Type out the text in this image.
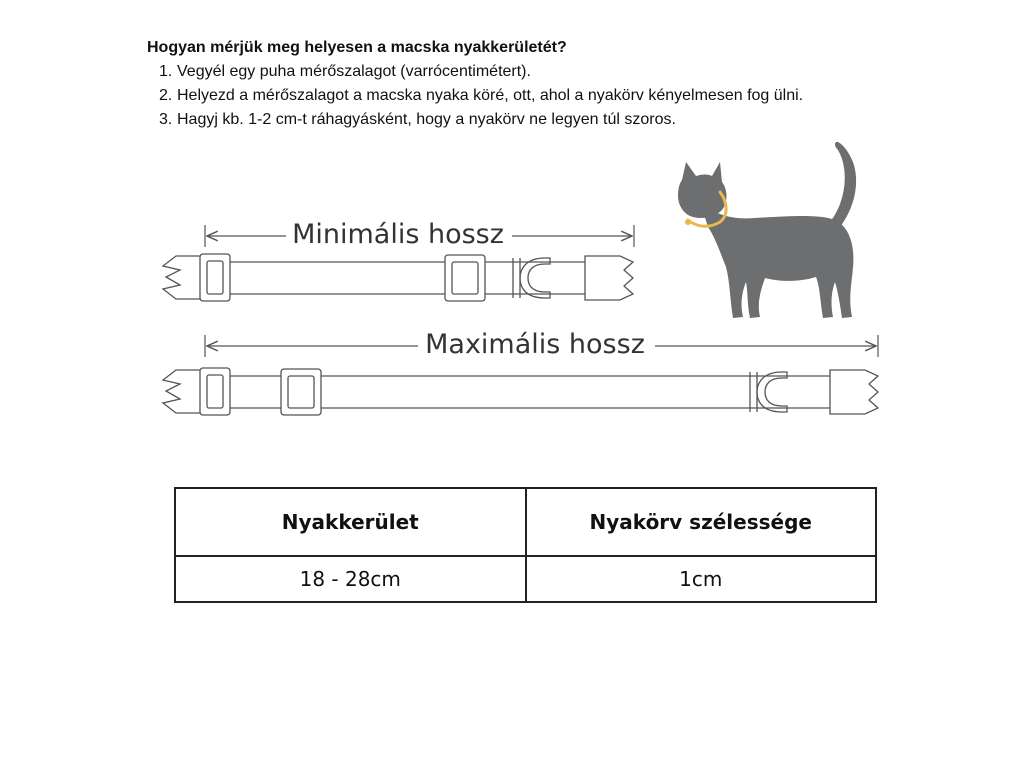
Hogyan mérjük meg helyesen a macska nyakkerületét?

1. Vegyél egy puha mérőszalagot (varrócentimétert).
2. Helyezd a mérőszalagot a macska nyaka köré, ott, ahol a nyakörv kényelmesen fog ülni.
3. Hagyj kb. 1-2 cm-t ráhagyásként, hogy a nyakörv ne legyen túl szoros.
Minimális hossz
Maximális hossz
Nyakkerület	Nyakörv szélessége
18 - 28cm	1cm
